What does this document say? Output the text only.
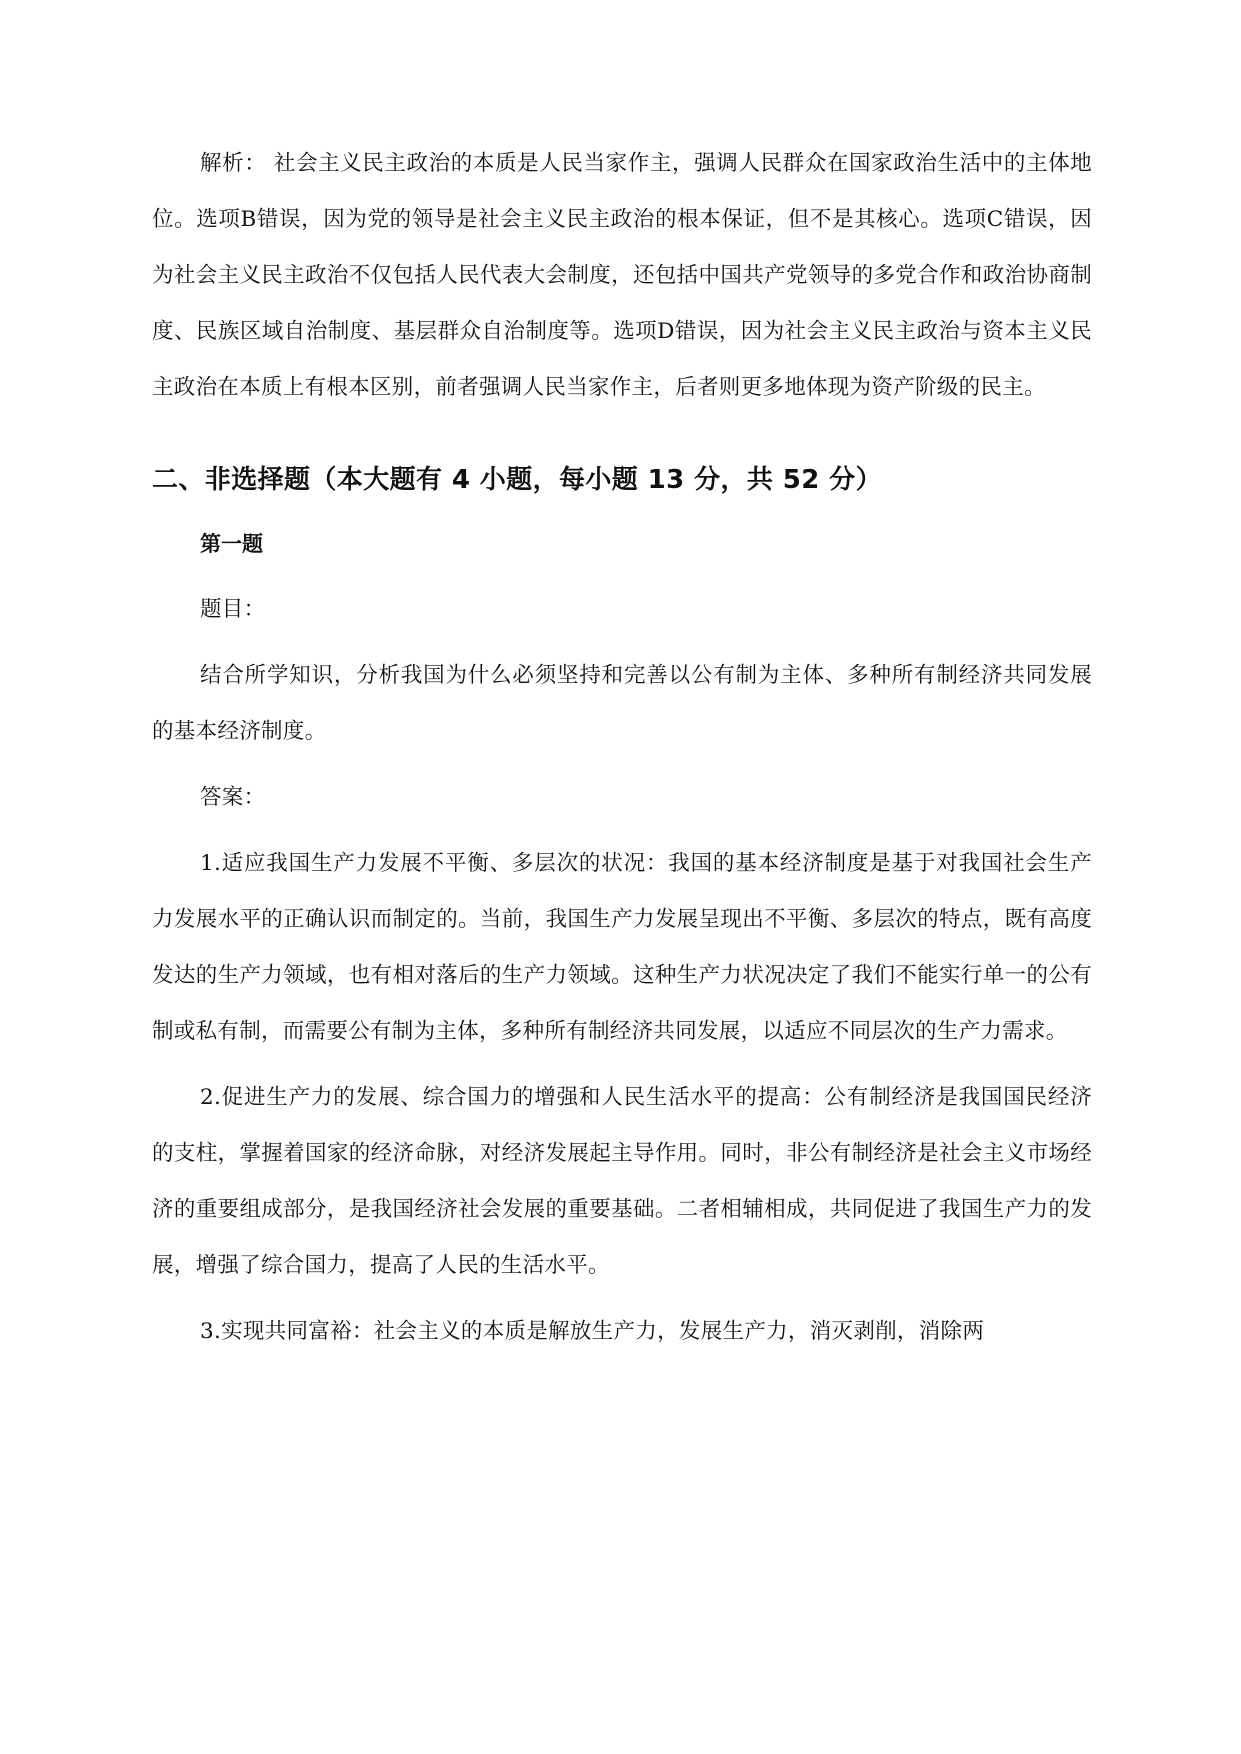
解析： 社会主义民主政治的本质是人民当家作主，强调人民群众在国家政治生活中的主体地位。选项B错误，因为党的领导是社会主义民主政治的根本保证，但不是其核心。选项C错误，因为社会主义民主政治不仅包括人民代表大会制度，还包括中国共产党领导的多党合作和政治协商制度、民族区域自治制度、基层群众自治制度等。选项D错误，因为社会主义民主政治与资本主义民主政治在本质上有根本区别，前者强调人民当家作主，后者则更多地体现为资产阶级的民主。

二、非选择题（本大题有 4 小题，每小题 13 分，共 52 分）

第一题

题目：

结合所学知识，分析我国为什么必须坚持和完善以公有制为主体、多种所有制经济共同发展的基本经济制度。

答案：

1.适应我国生产力发展不平衡、多层次的状况：我国的基本经济制度是基于对我国社会生产力发展水平的正确认识而制定的。当前，我国生产力发展呈现出不平衡、多层次的特点，既有高度发达的生产力领域，也有相对落后的生产力领域。这种生产力状况决定了我们不能实行单一的公有制或私有制，而需要公有制为主体，多种所有制经济共同发展，以适应不同层次的生产力需求。

2.促进生产力的发展、综合国力的增强和人民生活水平的提高：公有制经济是我国国民经济的支柱，掌握着国家的经济命脉，对经济发展起主导作用。同时，非公有制经济是社会主义市场经济的重要组成部分，是我国经济社会发展的重要基础。二者相辅相成，共同促进了我国生产力的发展，增强了综合国力，提高了人民的生活水平。

3.实现共同富裕：社会主义的本质是解放生产力，发展生产力，消灭剥削，消除两
